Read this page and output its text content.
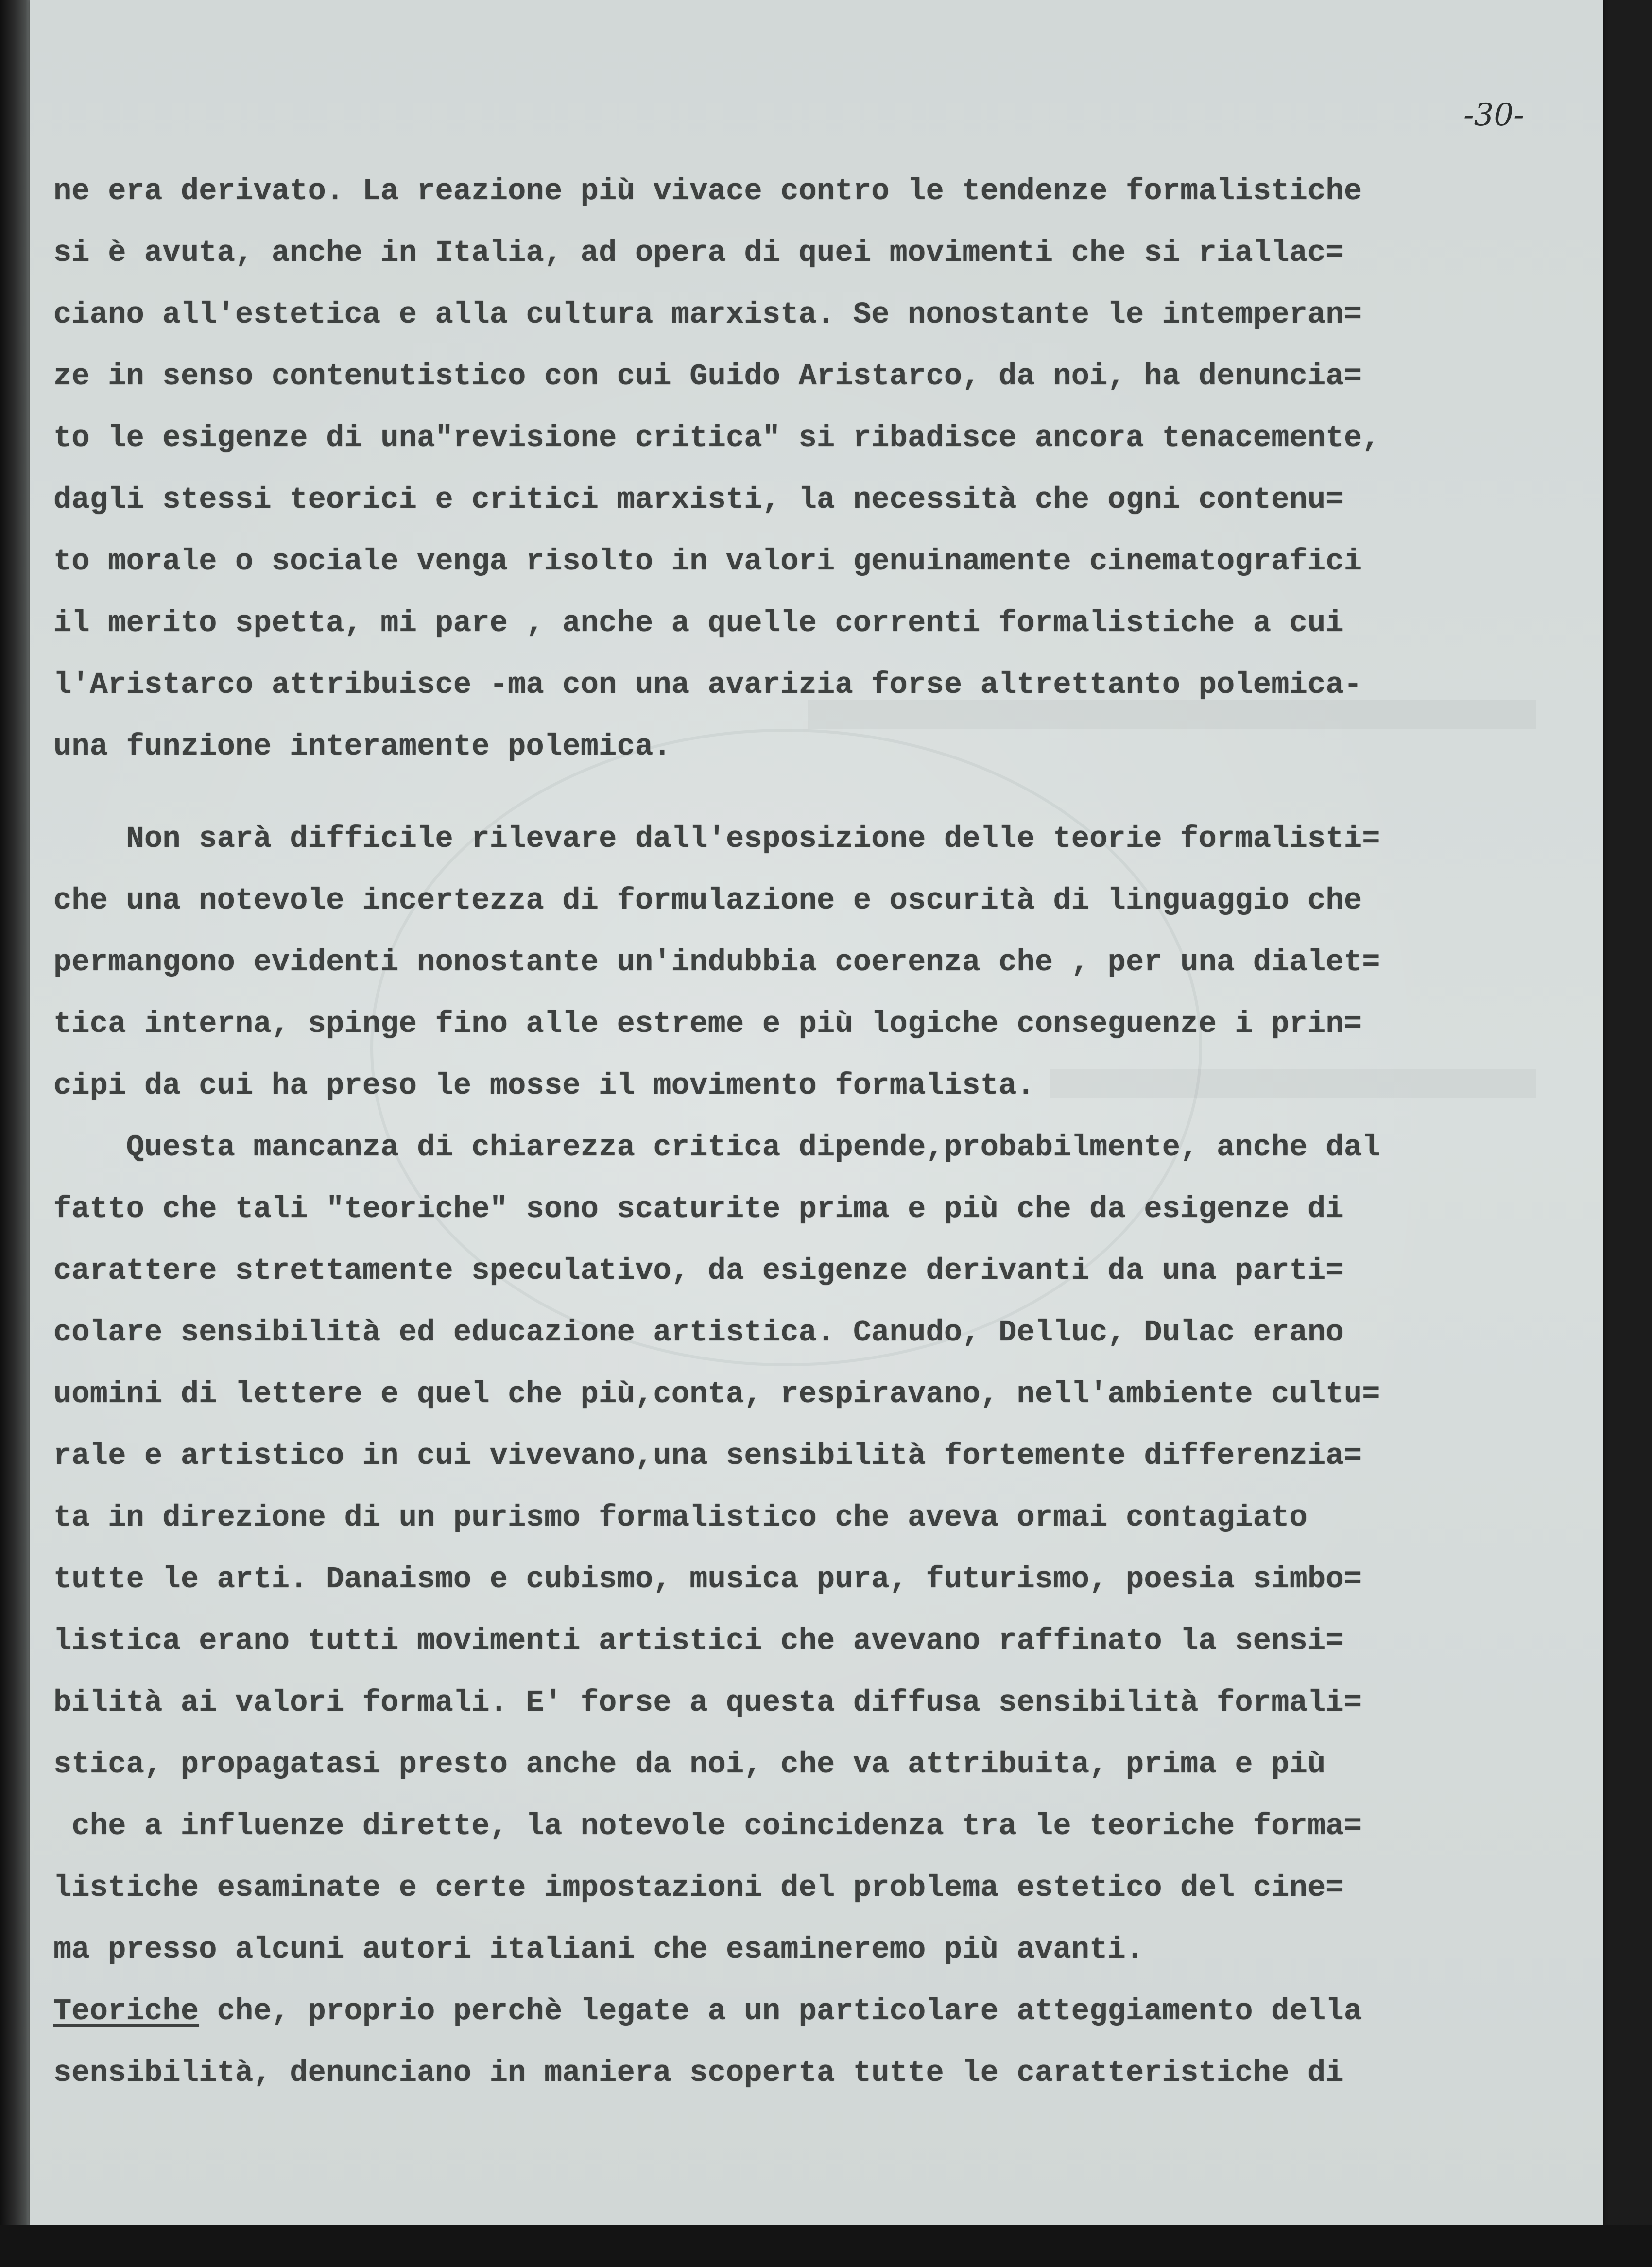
-30-
ne era derivato. La reazione più vivace contro le tendenze formalistiche
si è avuta, anche in Italia, ad opera di quei movimenti che si riallac=
ciano all'estetica e alla cultura marxista. Se nonostante le intemperan=
ze in senso contenutistico con cui Guido Aristarco, da noi, ha denuncia=
to le esigenze di una"revisione critica" si ribadisce ancora tenacemente,
dagli stessi teorici e critici marxisti, la necessità che ogni contenu=
to morale o sociale venga risolto in valori genuinamente cinematografici
il merito spetta, mi pare , anche a quelle correnti formalistiche a cui
l'Aristarco attribuisce -ma con una avarizia forse altrettanto polemica-
una funzione interamente polemica.
Non sarà difficile rilevare dall'esposizione delle teorie formalisti=
che una notevole incertezza di formulazione e oscurità di linguaggio che
permangono evidenti nonostante un'indubbia coerenza che , per una dialet=
tica interna, spinge fino alle estreme e più logiche conseguenze i prin=
cipi da cui ha preso le mosse il movimento formalista.
Questa mancanza di chiarezza critica dipende,probabilmente, anche dal
fatto che tali "teoriche" sono scaturite prima e più che da esigenze di
carattere strettamente speculativo, da esigenze derivanti da una parti=
colare sensibilità ed educazione artistica. Canudo, Delluc, Dulac erano
uomini di lettere e quel che più,conta, respiravano, nell'ambiente cultu=
rale e artistico in cui vivevano,una sensibilità fortemente differenzia=
ta in direzione di un purismo formalistico che aveva ormai contagiato
tutte le arti. Danaismo e cubismo, musica pura, futurismo, poesia simbo=
listica erano tutti movimenti artistici che avevano raffinato la sensi=
bilità ai valori formali. E' forse a questa diffusa sensibilità formali=
stica, propagatasi presto anche da noi, che va attribuita, prima e più
che a influenze dirette, la notevole coincidenza tra le teoriche forma=
listiche esaminate e certe impostazioni del problema estetico del cine=
ma presso alcuni autori italiani che esamineremo più avanti.
Teoriche che, proprio perchè legate a un particolare atteggiamento della
sensibilità, denunciano in maniera scoperta tutte le caratteristiche di
